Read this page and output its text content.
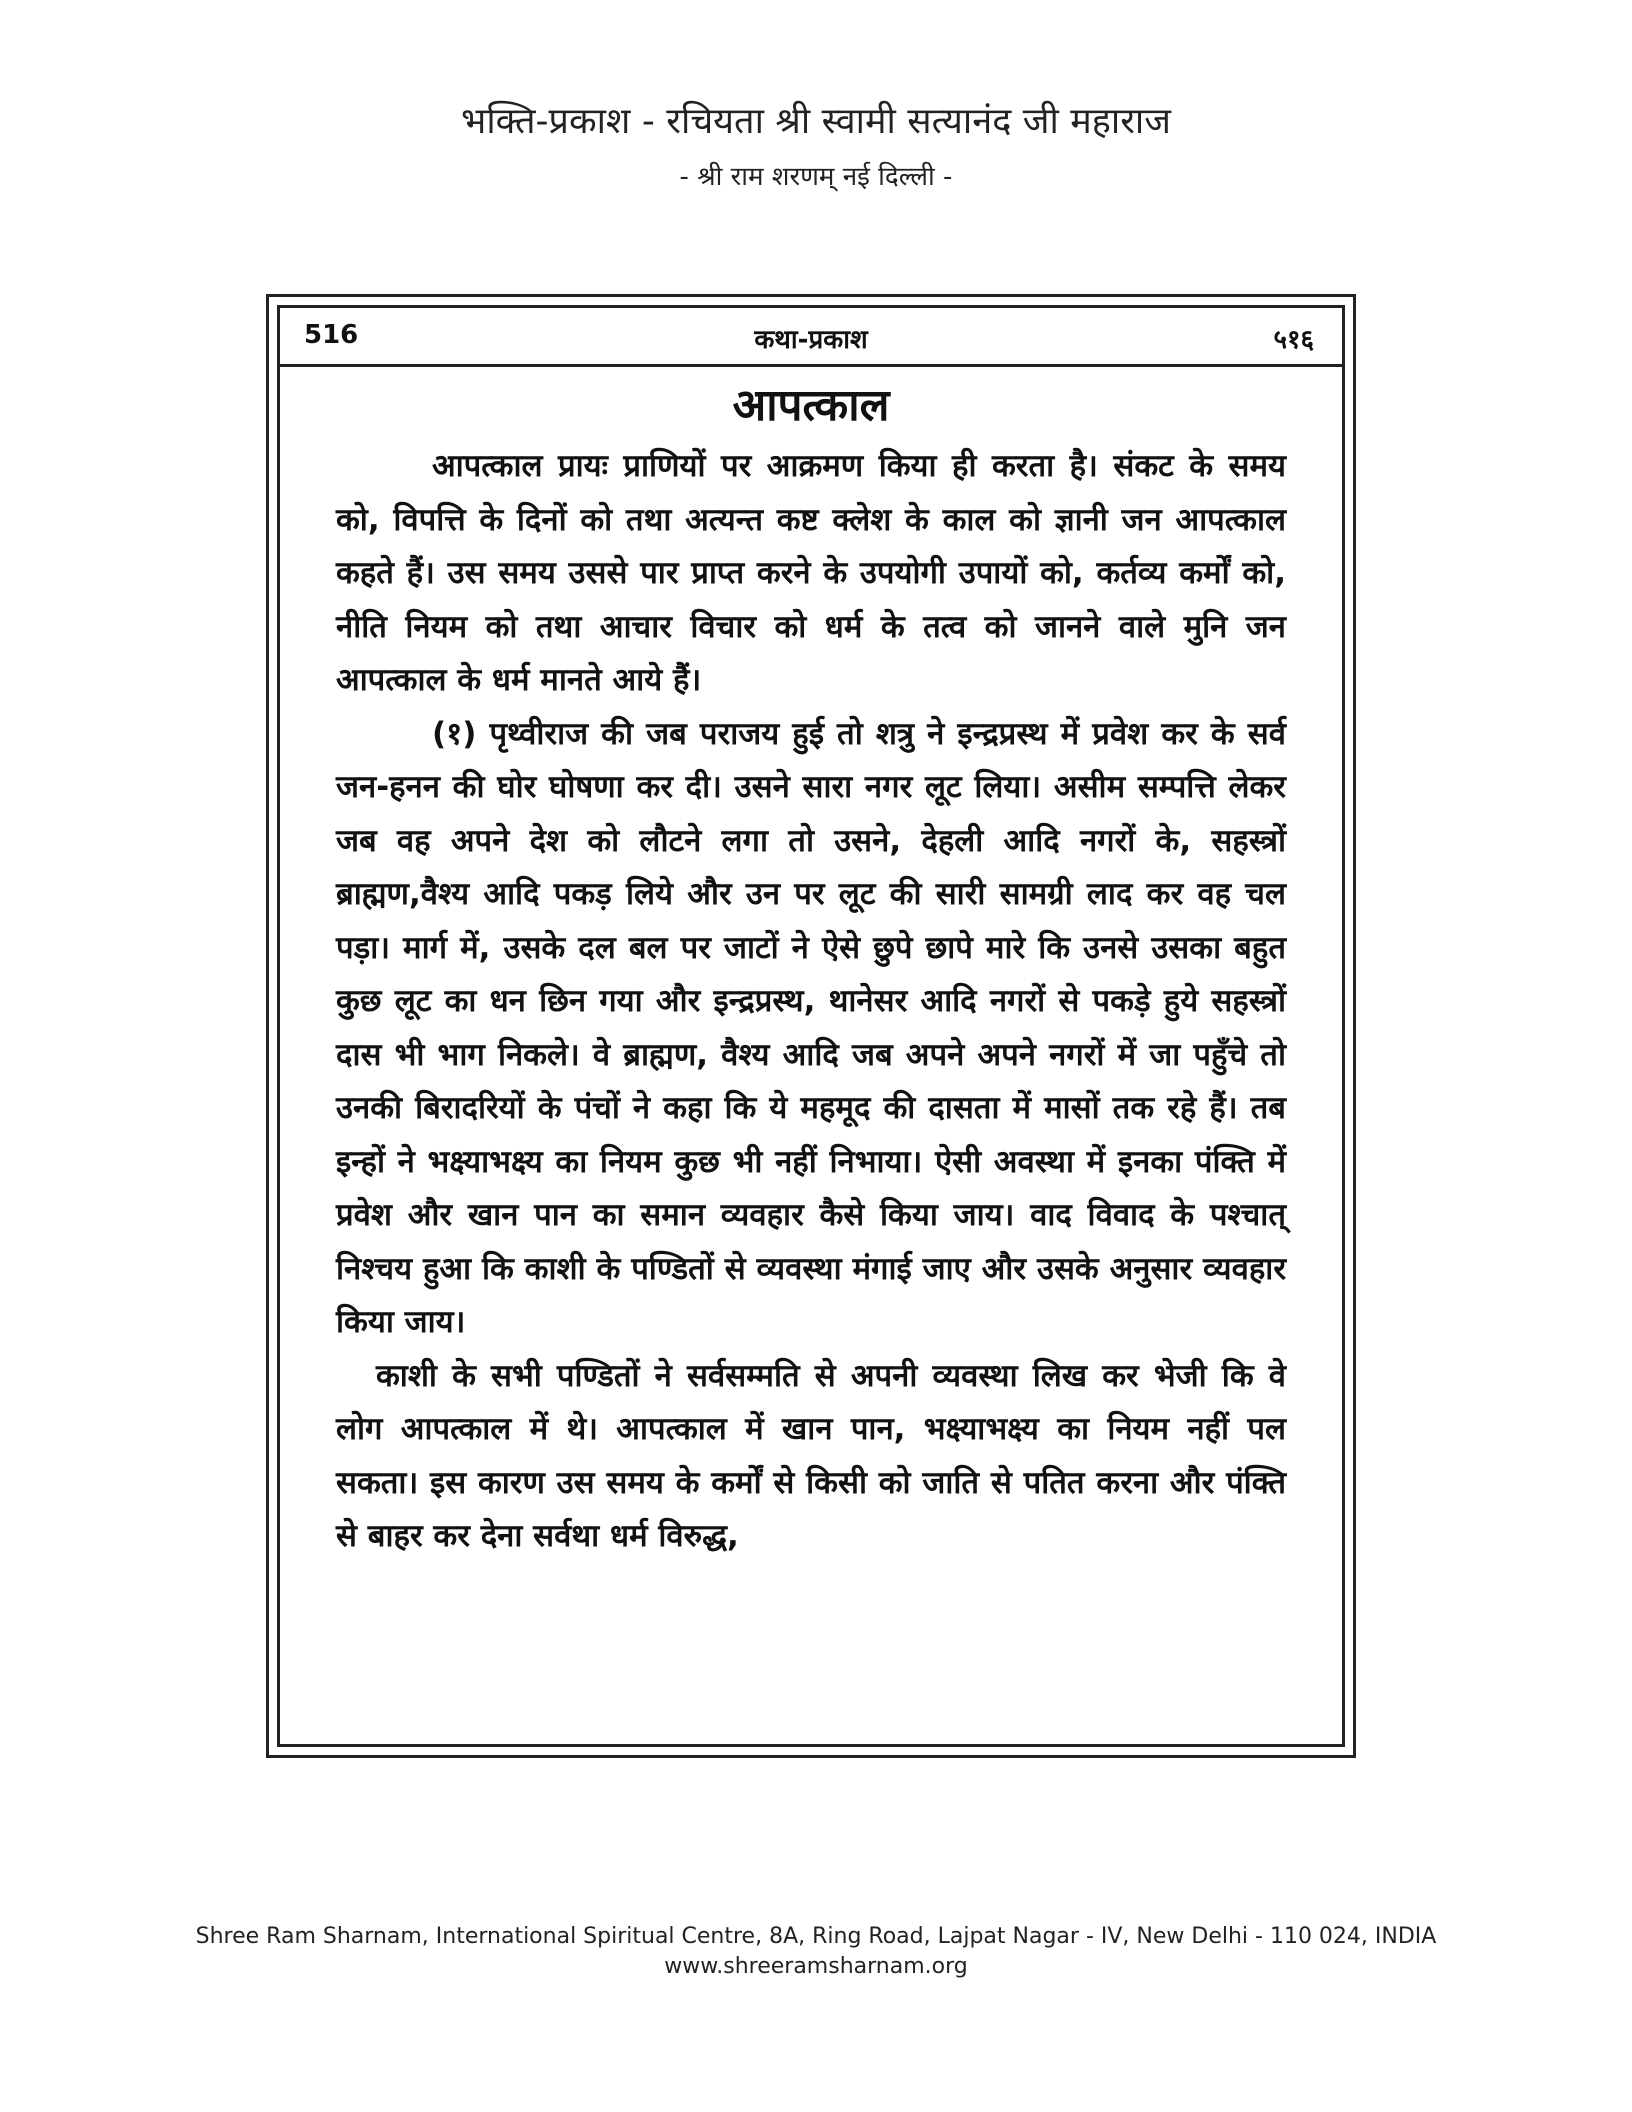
भक्ति-प्रकाश - रचियता श्री स्वामी सत्यानंद जी महाराज
- श्री राम शरणम् नई दिल्ली -
516	कथा-प्रकाश	५१६
आपत्काल

आपत्काल प्रायः प्राणियों पर आक्रमण किया ही करता है। संकट के समय को, विपत्ति के दिनों को तथा अत्यन्त कष्ट क्लेश के काल को ज्ञानी जन आपत्काल कहते हैं। उस समय उससे पार प्राप्त करने के उपयोगी उपायों को, कर्तव्य कर्मों को, नीति नियम को तथा आचार विचार को धर्म के तत्व को जानने वाले मुनि जन आपत्काल के धर्म मानते आये हैं।

(१) पृथ्वीराज की जब पराजय हुई तो शत्रु ने इन्द्रप्रस्थ में प्रवेश कर के सर्व जन-हनन की घोर घोषणा कर दी। उसने सारा नगर लूट लिया। असीम सम्पत्ति लेकर जब वह अपने देश को लौटने लगा तो उसने, देहली आदि नगरों के, सहस्त्रों ब्राह्मण,वैश्य आदि पकड़ लिये और उन पर लूट की सारी सामग्री लाद कर वह चल पड़ा। मार्ग में, उसके दल बल पर जाटों ने ऐसे छुपे छापे मारे कि उनसे उसका बहुत कुछ लूट का धन छिन गया और इन्द्रप्रस्थ, थानेसर आदि नगरों से पकड़े हुये सहस्त्रों दास भी भाग निकले। वे ब्राह्मण, वैश्य आदि जब अपने अपने नगरों में जा पहुँचे तो उनकी बिरादरियों के पंचों ने कहा कि ये महमूद की दासता में मासों तक रहे हैं। तब इन्हों ने भक्ष्याभक्ष्य का नियम कुछ भी नहीं निभाया। ऐसी अवस्था में इनका पंक्ति में प्रवेश और खान पान का समान व्यवहार कैसे किया जाय। वाद विवाद के पश्चात् निश्चय हुआ कि काशी के पण्डितों से व्यवस्था मंगाई जाए और उसके अनुसार व्यवहार किया जाय।

काशी के सभी पण्डितों ने सर्वसम्मति से अपनी व्यवस्था लिख कर भेजी कि वे लोग आपत्काल में थे। आपत्काल में खान पान, भक्ष्याभक्ष्य का नियम नहीं पल सकता। इस कारण उस समय के कर्मों से किसी को जाति से पतित करना और पंक्ति से बाहर कर देना सर्वथा धर्म विरुद्ध,

Shree Ram Sharnam, International Spiritual Centre, 8A, Ring Road, Lajpat Nagar - IV, New Delhi - 110 024, INDIA
www.shreeramsharnam.org
